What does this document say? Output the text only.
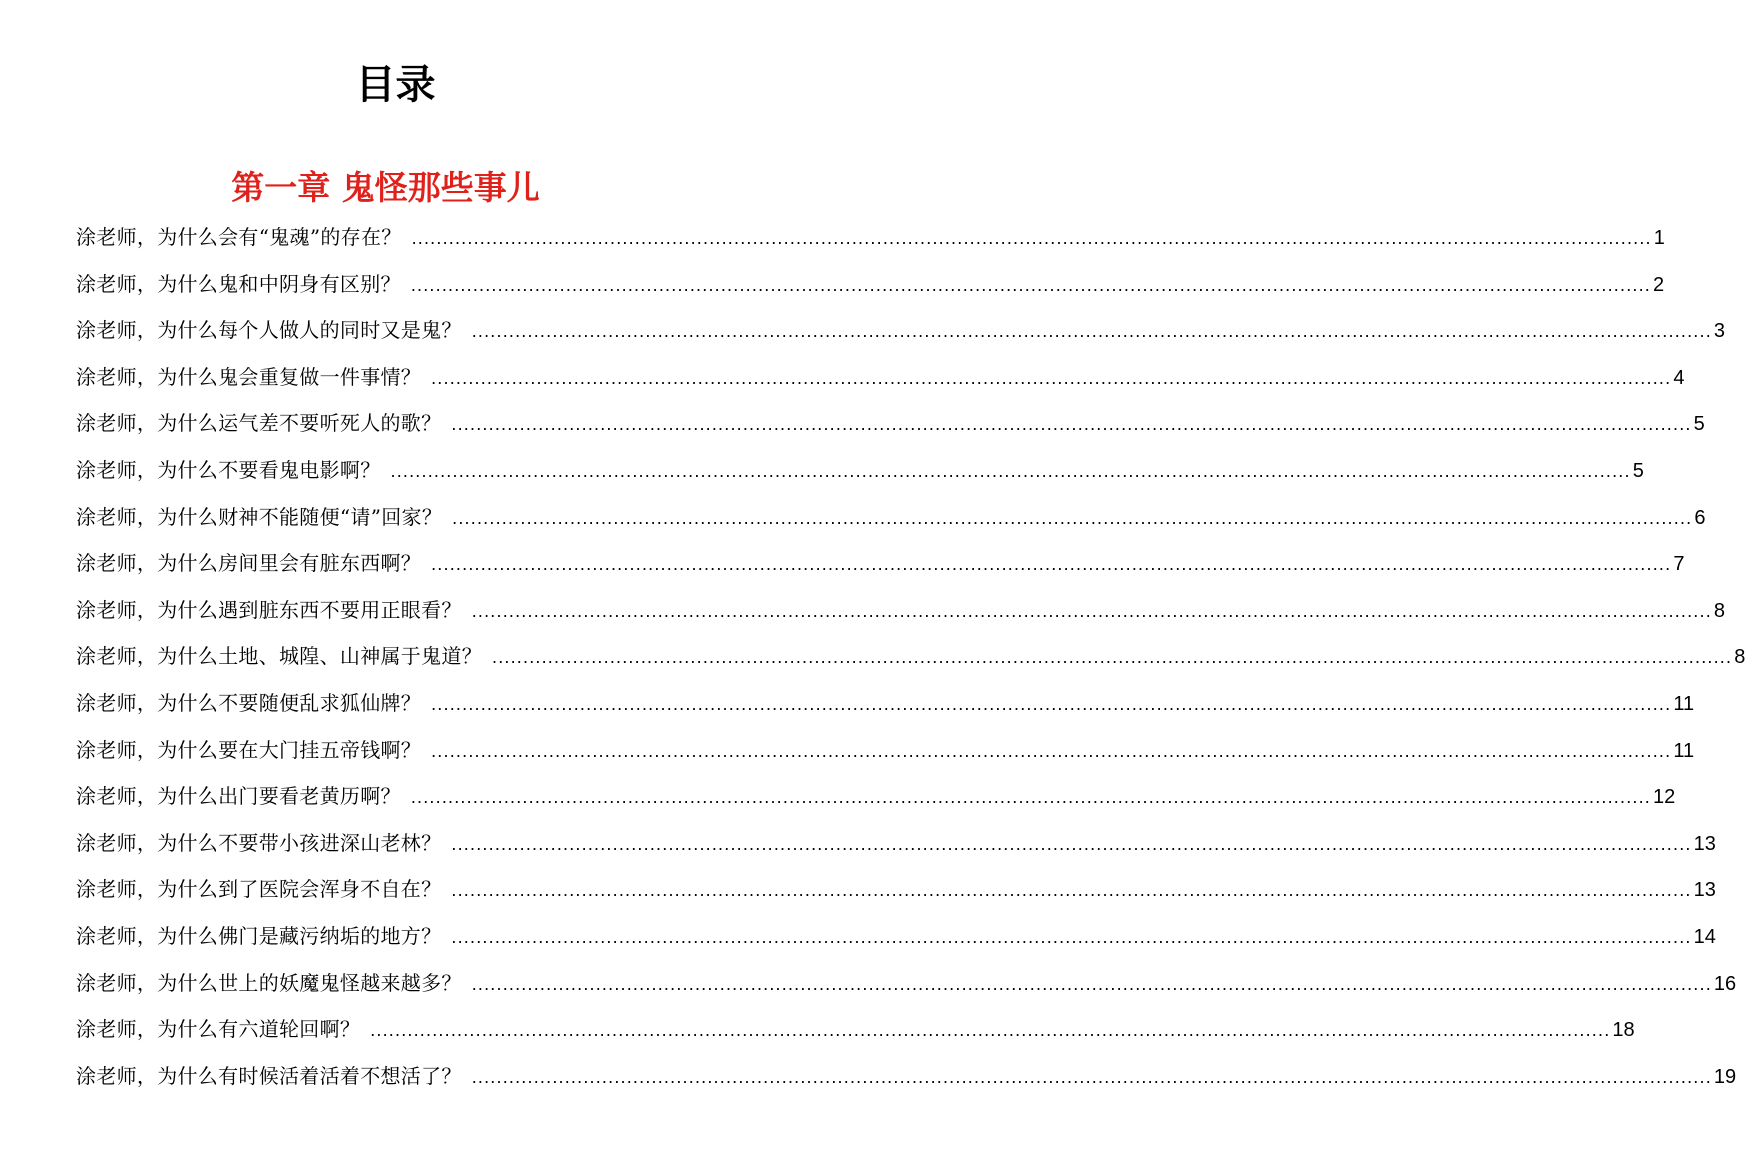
目录
第一章 鬼怪那些事儿
涂老师，为什么会有“鬼魂”的存在？ ........................................................................................................................................................................................................ 1
涂老师，为什么鬼和中阴身有区别？ ........................................................................................................................................................................................................ 2
涂老师，为什么每个人做人的同时又是鬼？ ........................................................................................................................................................................................................ 3
涂老师，为什么鬼会重复做一件事情？ ........................................................................................................................................................................................................ 4
涂老师，为什么运气差不要听死人的歌？ ........................................................................................................................................................................................................ 5
涂老师，为什么不要看鬼电影啊？ ........................................................................................................................................................................................................ 5
涂老师，为什么财神不能随便“请”回家？ ........................................................................................................................................................................................................ 6
涂老师，为什么房间里会有脏东西啊？ ........................................................................................................................................................................................................ 7
涂老师，为什么遇到脏东西不要用正眼看？ ........................................................................................................................................................................................................ 8
涂老师，为什么土地、城隍、山神属于鬼道？ ........................................................................................................................................................................................................ 8
涂老师，为什么不要随便乱求狐仙牌？ ........................................................................................................................................................................................................ 11
涂老师，为什么要在大门挂五帝钱啊？ ........................................................................................................................................................................................................ 11
涂老师，为什么出门要看老黄历啊？ ........................................................................................................................................................................................................ 12
涂老师，为什么不要带小孩进深山老林？ ........................................................................................................................................................................................................ 13
涂老师，为什么到了医院会浑身不自在？ ........................................................................................................................................................................................................ 13
涂老师，为什么佛门是藏污纳垢的地方？ ........................................................................................................................................................................................................ 14
涂老师，为什么世上的妖魔鬼怪越来越多？ ........................................................................................................................................................................................................ 16
涂老师，为什么有六道轮回啊？ ........................................................................................................................................................................................................ 18
涂老师，为什么有时候活着活着不想活了？ ........................................................................................................................................................................................................ 19
